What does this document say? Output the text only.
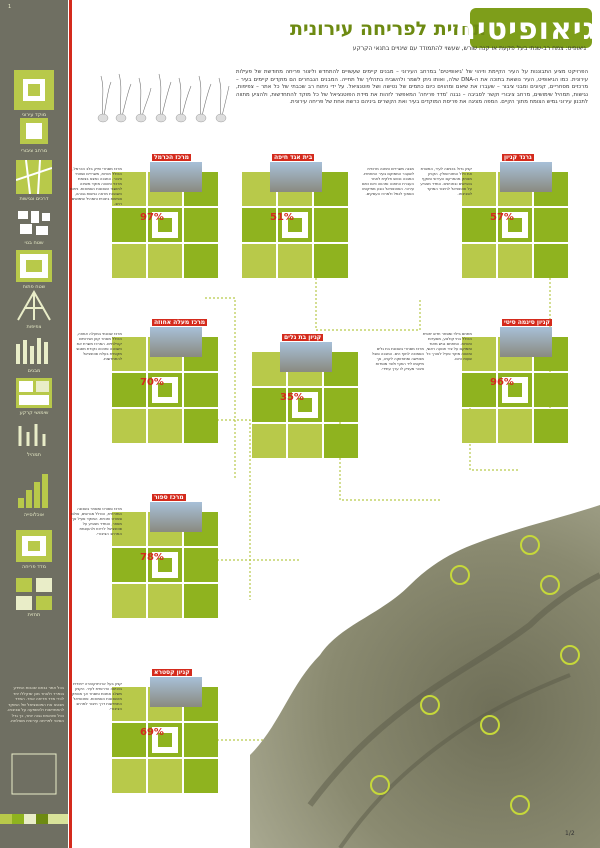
1
מוקד עירוני
מרחב ציבורי
דרכים ונגישות
שטח בנוי
שטח פתוח
צפיפות
מבנים
שימושי קרקע
תמהיל
אוכלוסייה
מדד פריחה
תחזית
בכל אתר נבחנו שכבות המידע בנפרד ולאחר מכן שוקללו יחד לכדי מדד פריחה אחד. המדד מבטא את הפוטנציאל של המוקד להתחדשות ולהשפעה על סביבתו. ככל שהאחוז גבוה יותר, כך גדל הסיכוי לפריחה עירונית מוצלחת.
גיאופיטים
תחזית לפריחה עירונית
גיאופיט: צמח רב-שנתי בעל פקעת או קנה שורש, שעשוי להתמודד עם שינויים בתנאי הקרקע
הפרויקט מציע התבוננות על העיר הקיימת וזיהוי של 'גיאופיטים' במרחב העירוני – מבנים קיימים שעשויים להתחדש וליצור פריחה מחודשת של פעילות עירונית. כמו הגיאופיט, העיר נושאת בתוכה את ה-DNA שלה, ואותו ניתן לשמר ולהשביח בתהליך של תחייה. המבנים הנבחרים הם מוקדים קיימים בעיר – מרכזים מסחריים, קניונים ומבני ציבור – שעברו את שיאם ומהווים כיום כתמים של נטישה ושל פוטנציאל. על ידי ניתוח רב שכבתי של כל אתר – צפיפות, נגישות, תמהיל שימושים, מרחב ציבורי וקשר לסביבה – נבנה 'מדד פריחה' המאפשר לזהות את מידת הפוטנציאל של כל מוקד להתחדשות, ולהציע מתווה לתכנון עירוני גמיש הצומח מתוך הקיים. המפה מציגה את פריסת המוקדים בעיר ואת הקשרים ביניהם כרשת אחת של פריחה עירונית.
מרכז הכרמל
97%
מרכז מסחרי ותיק בלב הכרמל, הכולל חנויות, משרדים ושטחי ציבור. המבנה נמצא בצומת מרכזי ומהווה מוקד משיכה לתושבי השכונות הסמוכות. ניתוח השכבות מראה נגישות גבוהה, צפיפות בינונית ותמהיל שימושים רחב.
בית אגד חיפה
51%
מבנה משרדים ותחנה מרכזית לשעבר הממוקם בעיר התחתית. המבנה ננטש חלקית לאחר העברת התחנה ומהווה כיום כתם עירוני. הפוטנציאל נובע ממיקומו הסמוך לנמל ולמרכז העסקים.
גרנד קניון
57%
קניון גדול בכניסה לעיר, המשרת את כלל המטרופולין. הקניון מנותק מהמרקם העירוני ומוקף בכבישים ובחניונים. המדד מצביע על פוטנציאל לחיבור המוקד לסביבתו.
מרכז מעלה אחוזה
70%
מרכז שכונתי במעלה אחוזה, הכולל מסחר קטן ושירותים קהילתיים. המרכז משרת את השכונה ומהווה נקודת מפגש מקומית בעלת פוטנציאל להתחדשות.
קניון בת גלים
35%
מרכז מסחרי בשכונת בת גלים הסמוכה לחוף הים. המבנה סובל מנטישה ומתחזוקה לקויה, אך מיקומו ליד החוף ולצד מוסדות ציבור מעניק לו ערך עתידי.
קניון סינמה סיטי
96%
מתחם בילוי ומסחר חדש יחסית הכולל בתי קולנוע, מסעדות וחנויות. המתחם נגיש מאוד וממוקם על ציר תנועה ראשי, ומהווה מוקד פעיל לאורך כל שעות היום.
מרכז ספור
78%
מרכז ספורט ומסחר בשכונה המזרחית, הכולל מגרשים, אולם ספורט וחנויות. המוקד פעיל אך מפוזר, והמדד מצביע על פוטנציאל לריכוז ולהעצמת המרחב הציבורי.
קניון קסטרא
69%
קניון בעל ארכיטקטורה ייחודית בכניסה הדרומית לעיר. הקניון משלב אמנות ומסחר אך מנותק מהשכונות הסמוכות. פוטנציאל התחדשות דרך חיבור למרחב הציבורי.
1/2
